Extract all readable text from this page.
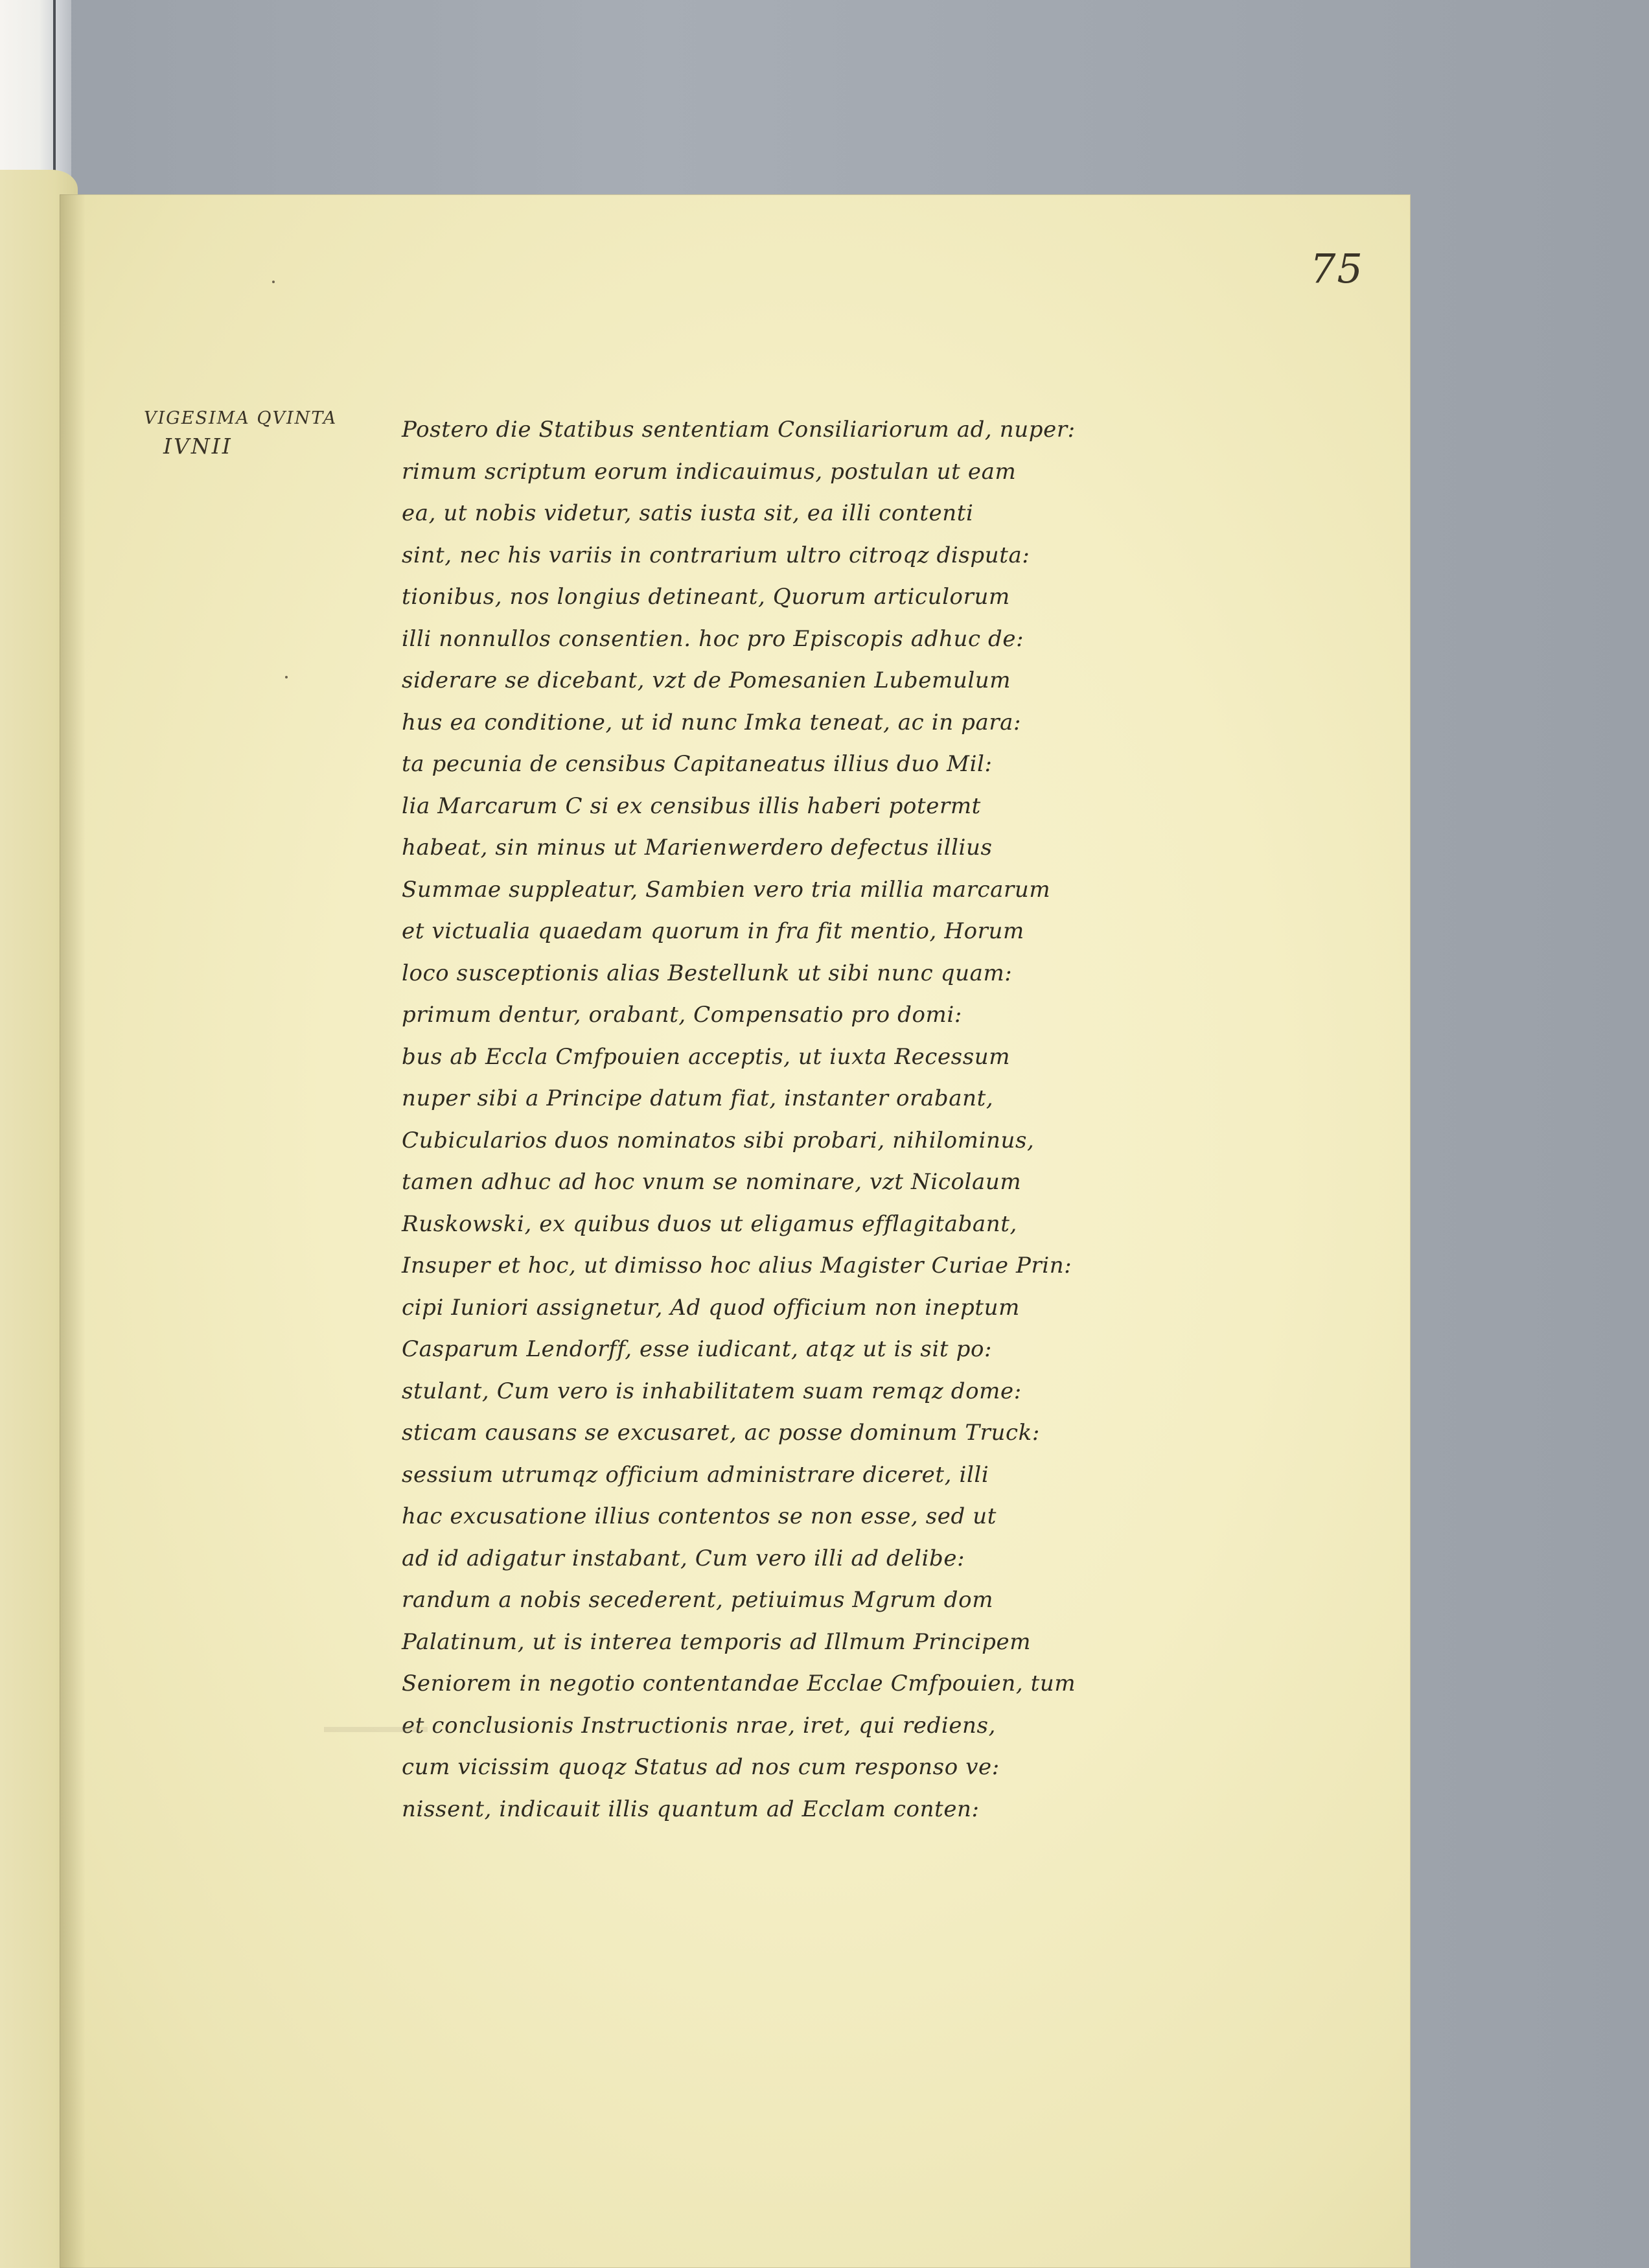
75
VIGESIMA QVINTA
IVNII
Postero die Statibus sententiam Consiliariorum ad, nuper:
rimum scriptum eorum indicauimus, postulan ut eam
ea, ut nobis videtur, satis iusta sit, ea illi contenti
sint, nec his variis in contrarium ultro citroqz disputa:
tionibus, nos longius detineant, Quorum articulorum
illi nonnullos consentien. hoc pro Episcopis adhuc de:
siderare se dicebant, vzt de Pomesanien Lubemulum
hus ea conditione, ut id nunc Imka teneat, ac in para:
ta pecunia de censibus Capitaneatus illius duo Mil:
lia Marcarum C si ex censibus illis haberi potermt
habeat, sin minus ut Marienwerdero defectus illius
Summae suppleatur, Sambien vero tria millia marcarum
et victualia quaedam quorum in fra fit mentio, Horum
loco susceptionis alias Bestellunk ut sibi nunc quam:
primum dentur, orabant, Compensatio pro domi:
bus ab Eccla Cmfpouien acceptis, ut iuxta Recessum
nuper sibi a Principe datum fiat, instanter orabant,
Cubicularios duos nominatos sibi probari, nihilominus,
tamen adhuc ad hoc vnum se nominare, vzt Nicolaum
Ruskowski, ex quibus duos ut eligamus efflagitabant,
Insuper et hoc, ut dimisso hoc alius Magister Curiae Prin:
cipi Iuniori assignetur, Ad quod officium non ineptum
Casparum Lendorff, esse iudicant, atqz ut is sit po:
stulant, Cum vero is inhabilitatem suam remqz dome:
sticam causans se excusaret, ac posse dominum Truck:
sessium utrumqz officium administrare diceret, illi
hac excusatione illius contentos se non esse, sed ut
ad id adigatur instabant, Cum vero illi ad delibe:
randum a nobis secederent, petiuimus Mgrum dom
Palatinum, ut is interea temporis ad Illmum Principem
Seniorem in negotio contentandae Ecclae Cmfpouien, tum
et conclusionis Instructionis nrae, iret, qui rediens,
cum vicissim quoqz Status ad nos cum responso ve:
nissent, indicauit illis quantum ad Ecclam conten:
